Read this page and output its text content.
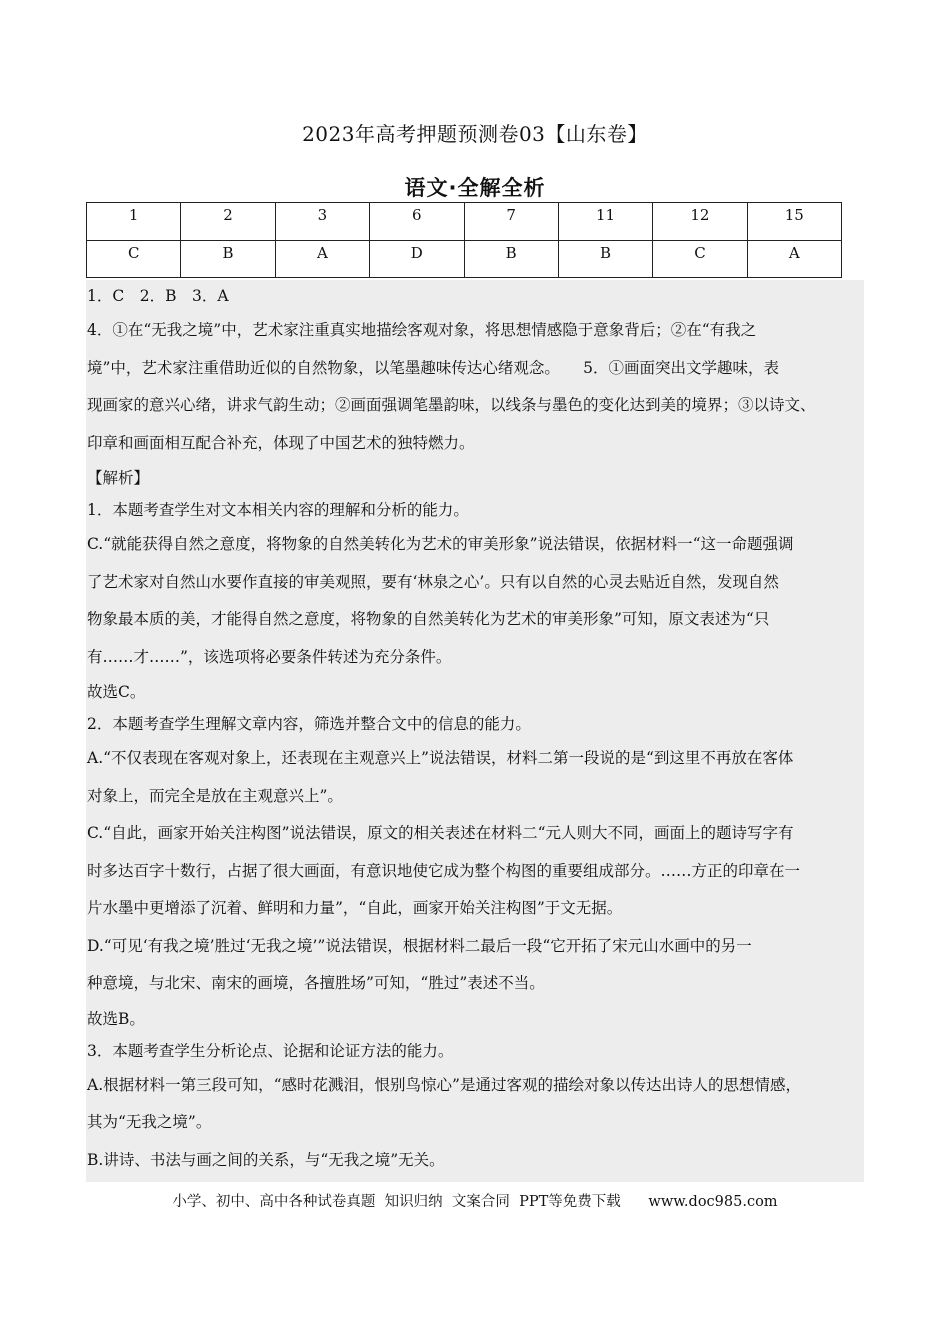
2023年高考押题预测卷03【山东卷】
语文·全解全析
1	2	3	6	7	11	12	15
C	B	A	D	B	B	C	A

1．C　2．B　3．A

4．①在“无我之境”中，艺术家注重真实地描绘客观对象，将思想情感隐于意象背后；②在“有我之

境”中，艺术家注重借助近似的自然物象，以笔墨趣味传达心绪观念。　　5．①画面突出文学趣味，表

现画家的意兴心绪，讲求气韵生动；②画面强调笔墨韵味，以线条与墨色的变化达到美的境界；③以诗文、

印章和画面相互配合补充，体现了中国艺术的独特燃力。

【解析】

1．本题考查学生对文本相关内容的理解和分析的能力。

C.“就能获得自然之意度，将物象的自然美转化为艺术的审美形象”说法错误，依据材料一“这一命题强调

了艺术家对自然山水要作直接的审美观照，要有‘林泉之心’。只有以自然的心灵去贴近自然，发现自然

物象最本质的美，才能得自然之意度，将物象的自然美转化为艺术的审美形象”可知，原文表述为“只

有……才……”，该选项将必要条件转述为充分条件。

故选C。

2．本题考查学生理解文章内容，筛选并整合文中的信息的能力。

A.“不仅表现在客观对象上，还表现在主观意兴上”说法错误，材料二第一段说的是“到这里不再放在客体

对象上，而完全是放在主观意兴上”。

C.“自此，画家开始关注构图”说法错误，原文的相关表述在材料二“元人则大不同，画面上的题诗写字有

时多达百字十数行，占据了很大画面，有意识地使它成为整个构图的重要组成部分。……方正的印章在一

片水墨中更增添了沉着、鲜明和力量”，“自此，画家开始关注构图”于文无据。

D.“可见‘有我之境’胜过‘无我之境’”说法错误，根据材料二最后一段“它开拓了宋元山水画中的另一

种意境，与北宋、南宋的画境，各擅胜场”可知，“胜过”表述不当。

故选B。

3．本题考查学生分析论点、论据和论证方法的能力。

A.根据材料一第三段可知，“感时花溅泪，恨别鸟惊心”是通过客观的描绘对象以传达出诗人的思想情感，

其为“无我之境”。

B.讲诗、书法与画之间的关系，与“无我之境”无关。

小学、初中、高中各种试卷真题  知识归纳  文案合同  PPT等免费下载      www.doc985.com
